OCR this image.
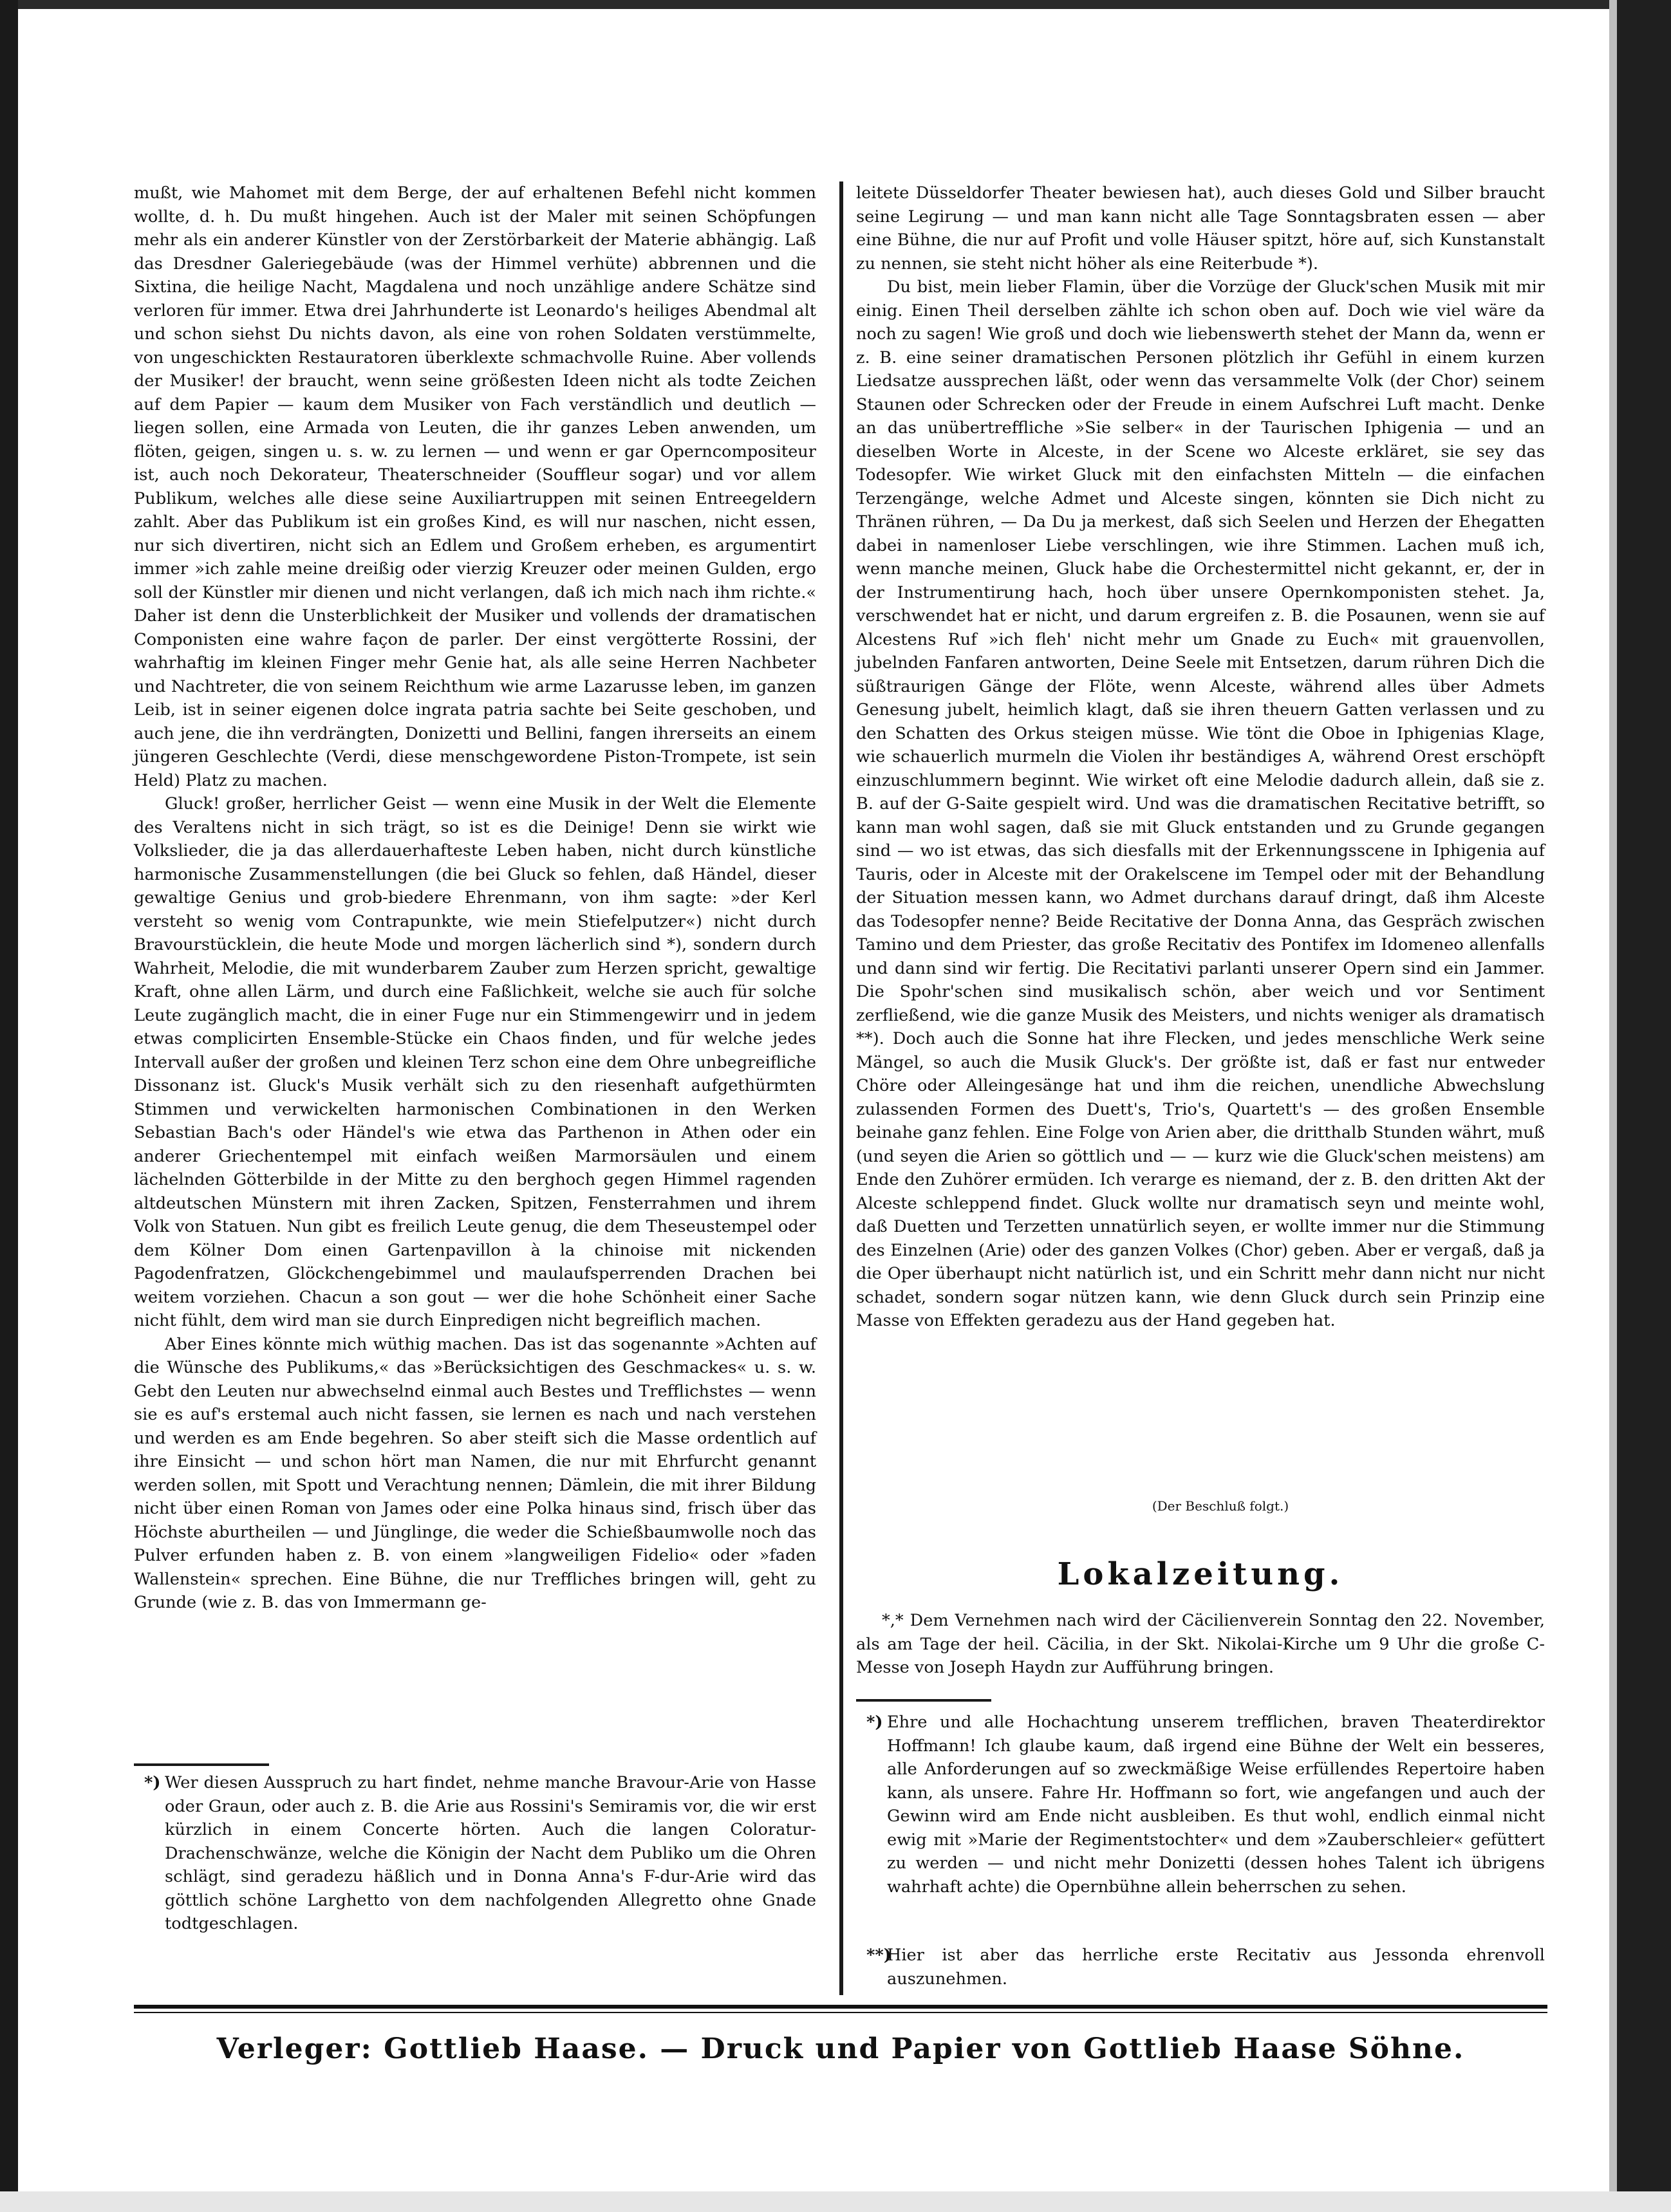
mußt, wie Mahomet mit dem Berge, der auf erhaltenen Befehl nicht kommen wollte, d. h. Du mußt hingehen. Auch ist der Maler mit seinen Schöpfungen mehr als ein anderer Künstler von der Zerstörbarkeit der Materie abhängig. Laß das Dresdner Galeriegebäude (was der Himmel verhüte) abbrennen und die Sixtina, die heilige Nacht, Magdalena und noch unzählige andere Schätze sind verloren für immer. Etwa drei Jahrhunderte ist Leonardo's heiliges Abendmal alt und schon siehst Du nichts davon, als eine von rohen Soldaten verstümmelte, von ungeschickten Restauratoren überklexte schmachvolle Ruine. Aber vollends der Musiker! der braucht, wenn seine größesten Ideen nicht als todte Zeichen auf dem Papier — kaum dem Musiker von Fach verständlich und deutlich — liegen sollen, eine Armada von Leuten, die ihr ganzes Leben anwenden, um flöten, geigen, singen u. s. w. zu lernen — und wenn er gar Operncompositeur ist, auch noch Dekorateur, Theaterschneider (Souffleur sogar) und vor allem Publikum, welches alle diese seine Auxiliartruppen mit seinen Entreegeldern zahlt. Aber das Publikum ist ein großes Kind, es will nur naschen, nicht essen, nur sich divertiren, nicht sich an Edlem und Großem erheben, es argumentirt immer »ich zahle meine dreißig oder vierzig Kreuzer oder meinen Gulden, ergo soll der Künstler mir dienen und nicht verlangen, daß ich mich nach ihm richte.« Daher ist denn die Unsterblichkeit der Musiker und vollends der dramatischen Componisten eine wahre façon de parler. Der einst vergötterte Rossini, der wahrhaftig im kleinen Finger mehr Genie hat, als alle seine Herren Nachbeter und Nachtreter, die von seinem Reichthum wie arme Lazarusse leben, im ganzen Leib, ist in seiner eigenen dolce ingrata patria sachte bei Seite geschoben, und auch jene, die ihn verdrängten, Donizetti und Bellini, fangen ihrerseits an einem jüngeren Geschlechte (Verdi, diese menschgewordene Piston-Trompete, ist sein Held) Platz zu machen.

Gluck! großer, herrlicher Geist — wenn eine Musik in der Welt die Elemente des Veraltens nicht in sich trägt, so ist es die Deinige! Denn sie wirkt wie Volkslieder, die ja das allerdauerhafteste Leben haben, nicht durch künstliche harmonische Zusammenstellungen (die bei Gluck so fehlen, daß Händel, dieser gewaltige Genius und grob-biedere Ehrenmann, von ihm sagte: »der Kerl versteht so wenig vom Contrapunkte, wie mein Stiefelputzer«) nicht durch Bravourstücklein, die heute Mode und morgen lächerlich sind *), sondern durch Wahrheit, Melodie, die mit wunderbarem Zauber zum Herzen spricht, gewaltige Kraft, ohne allen Lärm, und durch eine Faßlichkeit, welche sie auch für solche Leute zugänglich macht, die in einer Fuge nur ein Stimmengewirr und in jedem etwas complicirten Ensemble-Stücke ein Chaos finden, und für welche jedes Intervall außer der großen und kleinen Terz schon eine dem Ohre unbegreifliche Dissonanz ist. Gluck's Musik verhält sich zu den riesenhaft aufgethürmten Stimmen und verwickelten harmonischen Combinationen in den Werken Sebastian Bach's oder Händel's wie etwa das Parthenon in Athen oder ein anderer Griechentempel mit einfach weißen Marmorsäulen und einem lächelnden Götterbilde in der Mitte zu den berghoch gegen Himmel ragenden altdeutschen Münstern mit ihren Zacken, Spitzen, Fensterrahmen und ihrem Volk von Statuen. Nun gibt es freilich Leute genug, die dem Theseustempel oder dem Kölner Dom einen Gartenpavillon à la chinoise mit nickenden Pagodenfratzen, Glöckchengebimmel und maulaufsperrenden Drachen bei weitem vorziehen. Chacun a son gout — wer die hohe Schönheit einer Sache nicht fühlt, dem wird man sie durch Einpredigen nicht begreiflich machen.

Aber Eines könnte mich wüthig machen. Das ist das sogenannte »Achten auf die Wünsche des Publikums,« das »Berücksichtigen des Geschmackes« u. s. w. Gebt den Leuten nur abwechselnd einmal auch Bestes und Trefflichstes — wenn sie es auf's erstemal auch nicht fassen, sie lernen es nach und nach verstehen und werden es am Ende begehren. So aber steift sich die Masse ordentlich auf ihre Einsicht — und schon hört man Namen, die nur mit Ehrfurcht genannt werden sollen, mit Spott und Verachtung nennen; Dämlein, die mit ihrer Bildung nicht über einen Roman von James oder eine Polka hinaus sind, frisch über das Höchste aburtheilen — und Jünglinge, die weder die Schießbaumwolle noch das Pulver erfunden haben z. B. von einem »langweiligen Fidelio« oder »faden Wallenstein« sprechen. Eine Bühne, die nur Treffliches bringen will, geht zu Grunde (wie z. B. das von Immermann ge-

*) Wer diesen Ausspruch zu hart findet, nehme manche Bravour-Arie von Hasse oder Graun, oder auch z. B. die Arie aus Rossini's Semiramis vor, die wir erst kürzlich in einem Concerte hörten. Auch die langen Coloratur-Drachenschwänze, welche die Königin der Nacht dem Publiko um die Ohren schlägt, sind geradezu häßlich und in Donna Anna's F-dur-Arie wird das göttlich schöne Larghetto von dem nachfolgenden Allegretto ohne Gnade todtgeschlagen.

leitete Düsseldorfer Theater bewiesen hat), auch dieses Gold und Silber braucht seine Legirung — und man kann nicht alle Tage Sonntagsbraten essen — aber eine Bühne, die nur auf Profit und volle Häuser spitzt, höre auf, sich Kunstanstalt zu nennen, sie steht nicht höher als eine Reiterbude *).

Du bist, mein lieber Flamin, über die Vorzüge der Gluck'schen Musik mit mir einig. Einen Theil derselben zählte ich schon oben auf. Doch wie viel wäre da noch zu sagen! Wie groß und doch wie liebenswerth stehet der Mann da, wenn er z. B. eine seiner dramatischen Personen plötzlich ihr Gefühl in einem kurzen Liedsatze aussprechen läßt, oder wenn das versammelte Volk (der Chor) seinem Staunen oder Schrecken oder der Freude in einem Aufschrei Luft macht. Denke an das unübertreffliche »Sie selber« in der Taurischen Iphigenia — und an dieselben Worte in Alceste, in der Scene wo Alceste erkläret, sie sey das Todesopfer. Wie wirket Gluck mit den einfachsten Mitteln — die einfachen Terzengänge, welche Admet und Alceste singen, könnten sie Dich nicht zu Thränen rühren, — Da Du ja merkest, daß sich Seelen und Herzen der Ehegatten dabei in namenloser Liebe verschlingen, wie ihre Stimmen. Lachen muß ich, wenn manche meinen, Gluck habe die Orchestermittel nicht gekannt, er, der in der Instrumentirung hach, hoch über unsere Opernkomponisten stehet. Ja, verschwendet hat er nicht, und darum ergreifen z. B. die Posaunen, wenn sie auf Alcestens Ruf »ich fleh' nicht mehr um Gnade zu Euch« mit grauenvollen, jubelnden Fanfaren antworten, Deine Seele mit Entsetzen, darum rühren Dich die süßtraurigen Gänge der Flöte, wenn Alceste, während alles über Admets Genesung jubelt, heimlich klagt, daß sie ihren theuern Gatten verlassen und zu den Schatten des Orkus steigen müsse. Wie tönt die Oboe in Iphigenias Klage, wie schauerlich murmeln die Violen ihr beständiges A, während Orest erschöpft einzuschlummern beginnt. Wie wirket oft eine Melodie dadurch allein, daß sie z. B. auf der G-Saite gespielt wird. Und was die dramatischen Recitative betrifft, so kann man wohl sagen, daß sie mit Gluck entstanden und zu Grunde gegangen sind — wo ist etwas, das sich diesfalls mit der Erkennungsscene in Iphigenia auf Tauris, oder in Alceste mit der Orakelscene im Tempel oder mit der Behandlung der Situation messen kann, wo Admet durchans darauf dringt, daß ihm Alceste das Todesopfer nenne? Beide Recitative der Donna Anna, das Gespräch zwischen Tamino und dem Priester, das große Recitativ des Pontifex im Idomeneo allenfalls und dann sind wir fertig. Die Recitativi parlanti unserer Opern sind ein Jammer. Die Spohr'schen sind musikalisch schön, aber weich und vor Sentiment zerfließend, wie die ganze Musik des Meisters, und nichts weniger als dramatisch **). Doch auch die Sonne hat ihre Flecken, und jedes menschliche Werk seine Mängel, so auch die Musik Gluck's. Der größte ist, daß er fast nur entweder Chöre oder Alleingesänge hat und ihm die reichen, unendliche Abwechslung zulassenden Formen des Duett's, Trio's, Quartett's — des großen Ensemble beinahe ganz fehlen. Eine Folge von Arien aber, die dritthalb Stunden währt, muß (und seyen die Arien so göttlich und — — kurz wie die Gluck'schen meistens) am Ende den Zuhörer ermüden. Ich verarge es niemand, der z. B. den dritten Akt der Alceste schleppend findet. Gluck wollte nur dramatisch seyn und meinte wohl, daß Duetten und Terzetten unnatürlich seyen, er wollte immer nur die Stimmung des Einzelnen (Arie) oder des ganzen Volkes (Chor) geben. Aber er vergaß, daß ja die Oper überhaupt nicht natürlich ist, und ein Schritt mehr dann nicht nur nicht schadet, sondern sogar nützen kann, wie denn Gluck durch sein Prinzip eine Masse von Effekten geradezu aus der Hand gegeben hat.

(Der Beschluß folgt.)
Lokalzeitung.
*,* Dem Vernehmen nach wird der Cäcilienverein Sonntag den 22. November, als am Tage der heil. Cäcilia, in der Skt. Nikolai-Kirche um 9 Uhr die große C-Messe von Joseph Haydn zur Aufführung bringen.
*) Ehre und alle Hochachtung unserem trefflichen, braven Theaterdirektor Hoffmann! Ich glaube kaum, daß irgend eine Bühne der Welt ein besseres, alle Anforderungen auf so zweckmäßige Weise erfüllendes Repertoire haben kann, als unsere. Fahre Hr. Hoffmann so fort, wie angefangen und auch der Gewinn wird am Ende nicht ausbleiben. Es thut wohl, endlich einmal nicht ewig mit »Marie der Regimentstochter« und dem »Zauberschleier« gefüttert zu werden — und nicht mehr Donizetti (dessen hohes Talent ich übrigens wahrhaft achte) die Opernbühne allein beherrschen zu sehen.
**)Hier ist aber das herrliche erste Recitativ aus Jessonda ehrenvoll auszunehmen.
Verleger: Gottlieb Haase. — Druck und Papier von Gottlieb Haase Söhne.
